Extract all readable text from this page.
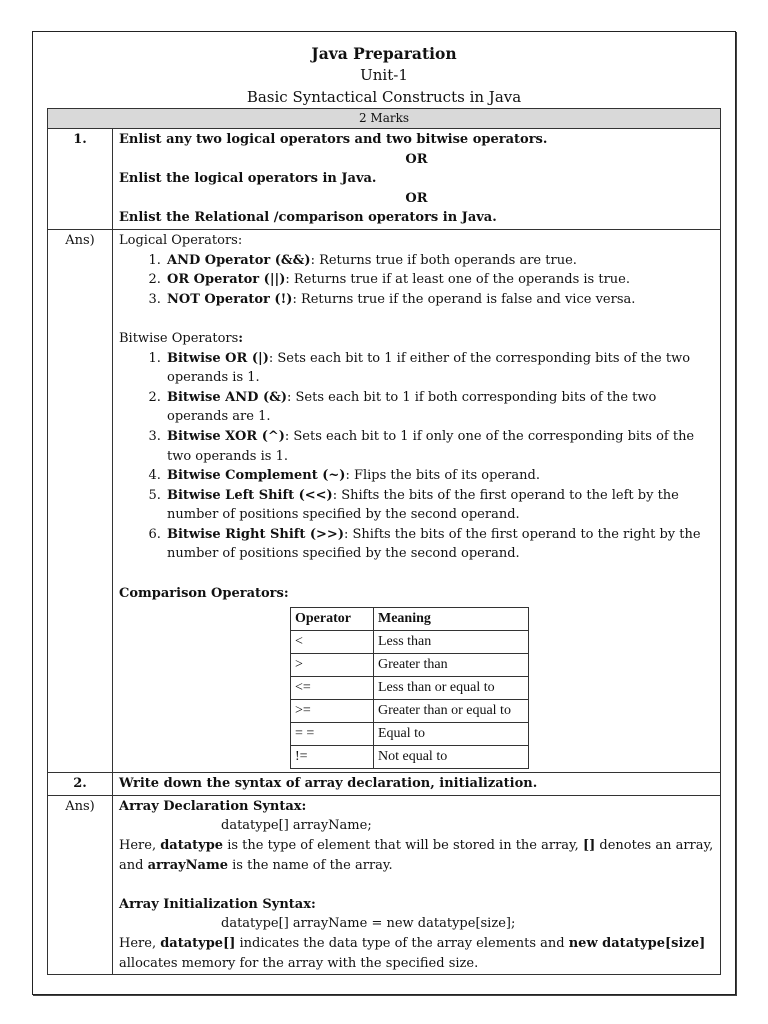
Java Preparation
Unit-1
Basic Syntactical Constructs in Java
2 Marks
1.	Enlist any two logical operators and two bitwise operators.
OR
Enlist the logical operators in Java.
OR
Enlist the Relational /comparison operators in Java.

Ans)	Logical Operators:
1. AND Operator (&&): Returns true if both operands are true.
2. OR Operator (||): Returns true if at least one of the operands is true.
3. NOT Operator (!): Returns true if the operand is false and vice versa.
Bitwise Operators:
1. Bitwise OR (|): Sets each bit to 1 if either of the corresponding bits of the two operands is 1.
2. Bitwise AND (&): Sets each bit to 1 if both corresponding bits of the two operands are 1.
3. Bitwise XOR (^): Sets each bit to 1 if only one of the corresponding bits of the two operands is 1.
4. Bitwise Complement (~): Flips the bits of its operand.
5. Bitwise Left Shift (<<): Shifts the bits of the first operand to the left by the number of positions specified by the second operand.
6. Bitwise Right Shift (>>): Shifts the bits of the first operand to the right by the number of positions specified by the second operand.
Comparison Operators:
Operator	Meaning
<	Less than
>	Greater than
<=	Less than or equal to
>=	Greater than or equal to
= =	Equal to
!=	Not equal to

2.	Write down the syntax of array declaration, initialization.
Ans)	Array Declaration Syntax:
datatype[] arrayName;
Here, datatype is the type of element that will be stored in the array, [] denotes an array, and arrayName is the name of the array.
Array Initialization Syntax:
datatype[] arrayName = new datatype[size];
Here, datatype[] indicates the data type of the array elements and new datatype[size] allocates memory for the array with the specified size.
